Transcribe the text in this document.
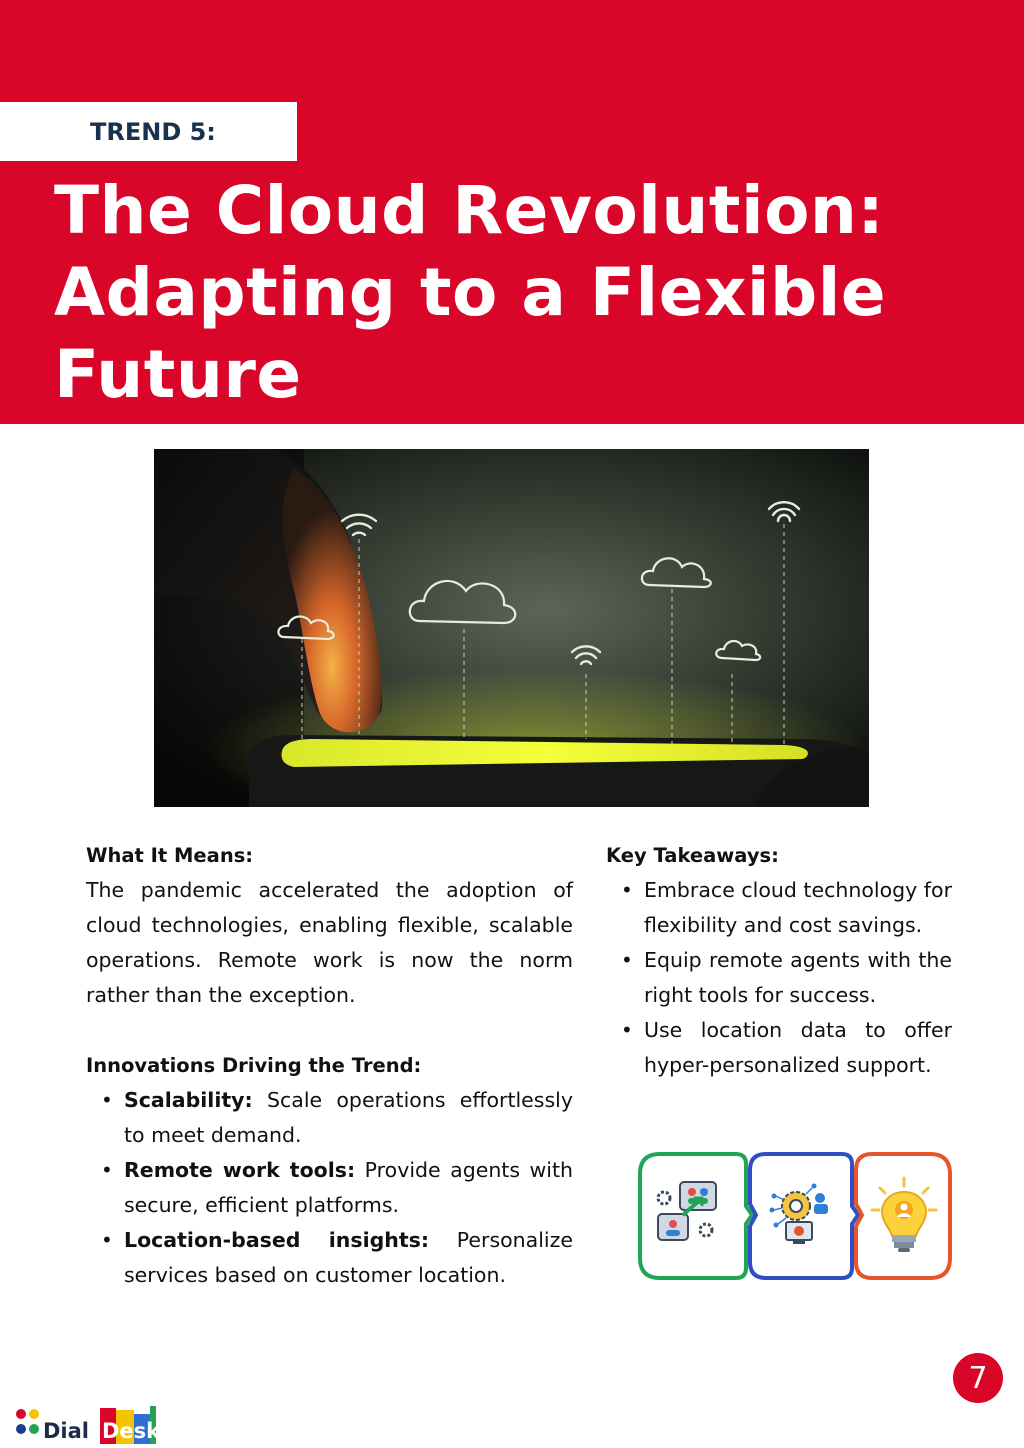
TREND 5:
The Cloud Revolution:
Adapting to a Flexible
Future
What It Means:

The pandemic accelerated the adoption of cloud technologies, enabling flexible, scalable operations. Remote work is now the norm rather than the exception.

Innovations Driving the Trend:
• Scalability: Scale operations effortlessly to meet demand.
• Remote work tools: Provide agents with secure, efficient platforms.
• Location-based insights: Personalize services based on customer location.
Key Takeaways:
• Embrace cloud technology for flexibility and cost savings.
• Equip remote agents with the right tools for success.
• Use location data to offer hyper-personalized support.
7
Dial Desk
